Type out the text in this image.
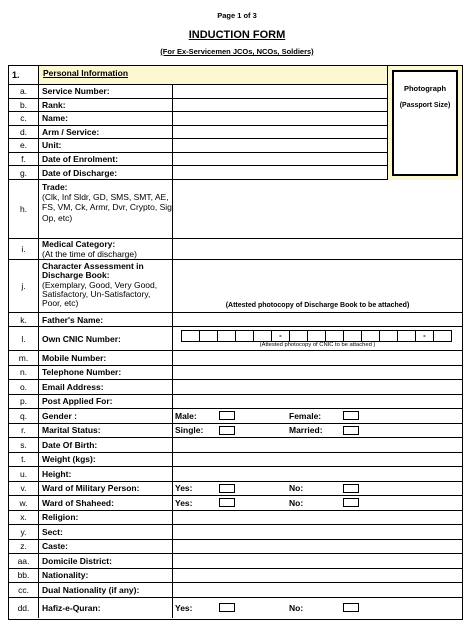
Page 1 of 3
INDUCTION FORM
(For Ex-Servicemen JCOs, NCOs, Soldiers)
1.	Personal Information
a.	Service Number:
b.	Rank:
c.	Name:
d.	Arm / Service:
e.	Unit:
f.	Date of Enrolment:
g.	Date of Discharge:
Photograph
(Passport Size)
h.
Trade:
(Clk, Inf Sldr, GD, SMS, SMT, AE, FS, VM, Ck, Armr, Dvr, Crypto, Sig Op, etc)
i.	Medical Category:
(At the time of discharge)
j.
Character Assessment in Discharge Book:
(Exemplary, Good, Very Good, Satisfactory, Un-Satisfactory, Poor, etc)	(Attested photocopy of Discharge Book to be attached)
k.	Father's Name:
l.	Own CNIC Number:	-	-
(Attested photocopy of CNIC to be attached )
m.	Mobile Number:
n.	Telephone Number:
o.	Email Address:
p.	Post Applied For:
q.	Gender :	Male:	Female:
r.	Marital Status:	Single:	Married:
s.	Date Of Birth:
t.	Weight (kgs):
u.	Height:
v.	Ward of Military Person:	Yes:	No:
w.	Ward of Shaheed:	Yes:	No:
x.	Religion:
y.	Sect:
z.	Caste:
aa.	Domicile District:
bb.	Nationality:
cc.	Dual Nationality (if any):
dd.	Hafiz-e-Quran:	Yes:	No:
